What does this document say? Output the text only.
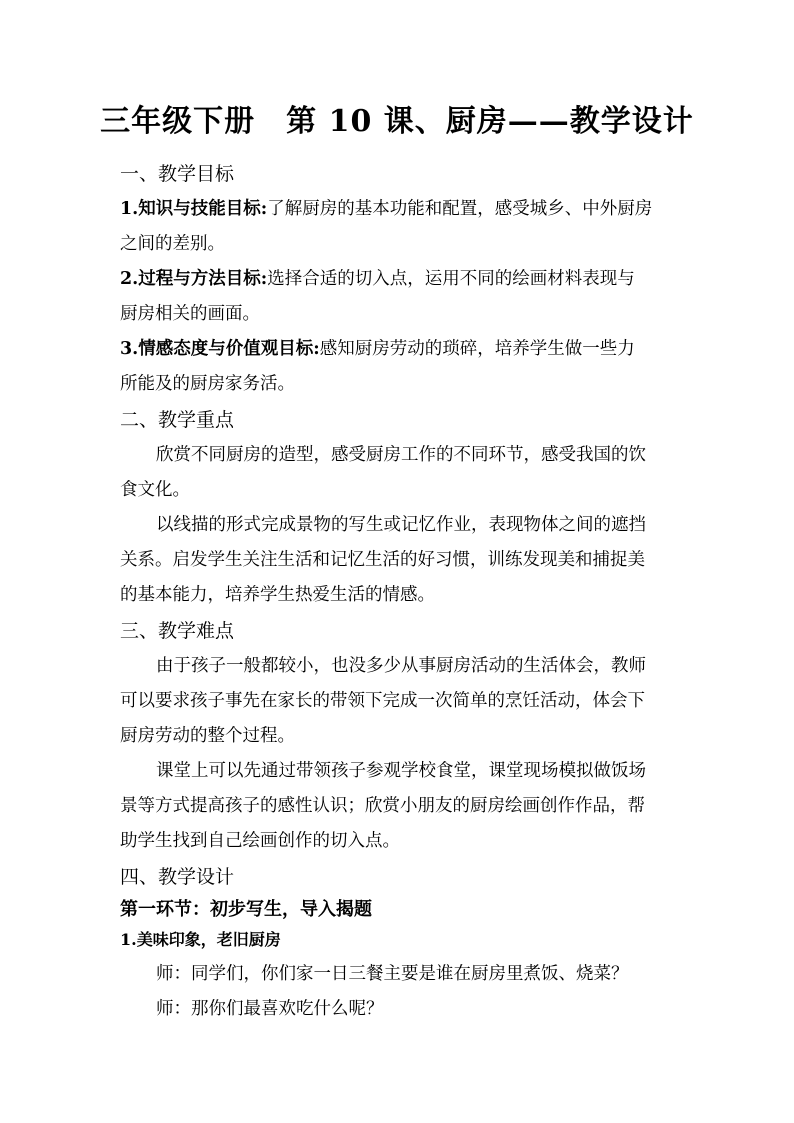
三年级下册　第 10 课、厨房——教学设计
一、教学目标
1.知识与技能目标:了解厨房的基本功能和配置，感受城乡、中外厨房
之间的差别。
2.过程与方法目标:选择合适的切入点，运用不同的绘画材料表现与
厨房相关的画面。
3.情感态度与价值观目标:感知厨房劳动的琐碎，培养学生做一些力
所能及的厨房家务活。
二、教学重点
欣赏不同厨房的造型，感受厨房工作的不同环节，感受我国的饮
食文化。
以线描的形式完成景物的写生或记忆作业，表现物体之间的遮挡
关系。启发学生关注生活和记忆生活的好习惯，训练发现美和捕捉美
的基本能力，培养学生热爱生活的情感。
三、教学难点
由于孩子一般都较小，也没多少从事厨房活动的生活体会，教师
可以要求孩子事先在家长的带领下完成一次简单的烹饪活动，体会下
厨房劳动的整个过程。
课堂上可以先通过带领孩子参观学校食堂，课堂现场模拟做饭场
景等方式提高孩子的感性认识；欣赏小朋友的厨房绘画创作作品，帮
助学生找到自己绘画创作的切入点。
四、教学设计
第一环节：初步写生，导入揭题
1.美味印象，老旧厨房
师：同学们，你们家一日三餐主要是谁在厨房里煮饭、烧菜？
师：那你们最喜欢吃什么呢？
